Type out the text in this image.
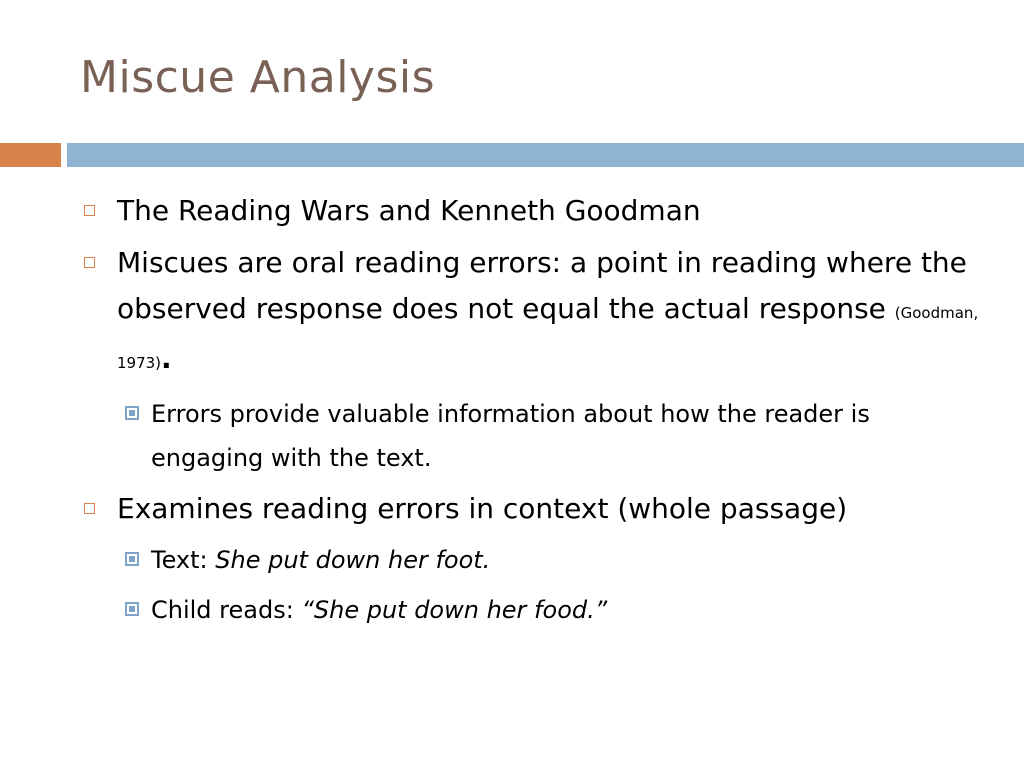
Miscue Analysis
The Reading Wars and Kenneth Goodman
Miscues are oral reading errors: a point in reading where the observed response does not equal the actual response (Goodman, 1973).
Errors provide valuable information about how the reader is engaging with the text.
Examines reading errors in context (whole passage)
Text: She put down her foot.
Child reads: “She put down her food.”
